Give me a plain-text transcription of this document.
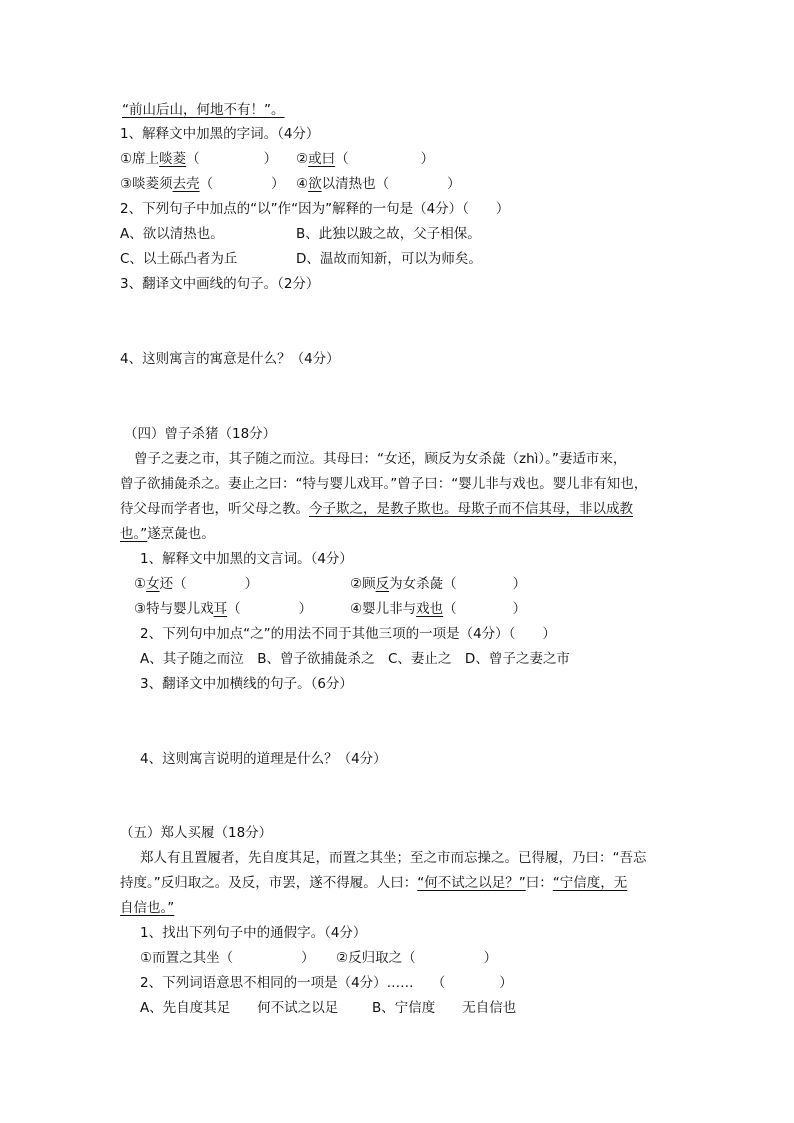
“前山后山，何地不有！”。
1、解释文中加黑的字词。（4分）
①席上啖菱（	） ②或曰（	）
③啖菱须去壳（	） ④欲以清热也（	）
2、下列句子中加点的“以”作“因为”解释的一句是（4分）（　　）
A、欲以清热也。	B、此独以跛之故，父子相保。
C、以土砾凸者为丘	D、温故而知新，可以为师矣。
3、翻译文中画线的句子。（2分）
4、这则寓言的寓意是什么？（4分）
（四）曾子杀猪（18分）
曾子之妻之市，其子随之而泣。其母曰：“女还，顾反为女杀彘（zhì）。”妻适市来，
曾子欲捕彘杀之。妻止之曰：“特与婴儿戏耳。”曾子曰：“婴儿非与戏也。婴儿非有知也，
待父母而学者也，听父母之教。今子欺之，是教子欺也。母欺子而不信其母，非以成教
也。”遂烹彘也。
1、解释文中加黑的文言词。（4分）
①女还（	）	②顾反为女杀彘（	）
③特与婴儿戏耳（	）	④婴儿非与戏也（	）
2、下列句中加点“之”的用法不同于其他三项的一项是（4分）（　　）
A、其子随之而泣　B、曾子欲捕彘杀之　C、妻止之　D、曾子之妻之市
3、翻译文中加横线的句子。（6分）
4、这则寓言说明的道理是什么？（4分）
（五）郑人买履（18分）
郑人有且置履者，先自度其足，而置之其坐；至之市而忘操之。已得履，乃曰：“吾忘
持度。”反归取之。及反，市罢，遂不得履。人曰：“何不试之以足？”曰：“宁信度，无
自信也。”
1、找出下列句子中的通假字。（4分）
①而置之其坐（	） ②反归取之（	）
2、下列词语意思不相同的一项是（4分）…… （	）
A、先自度其足　　何不试之以足	B、宁信度　　无自信也
